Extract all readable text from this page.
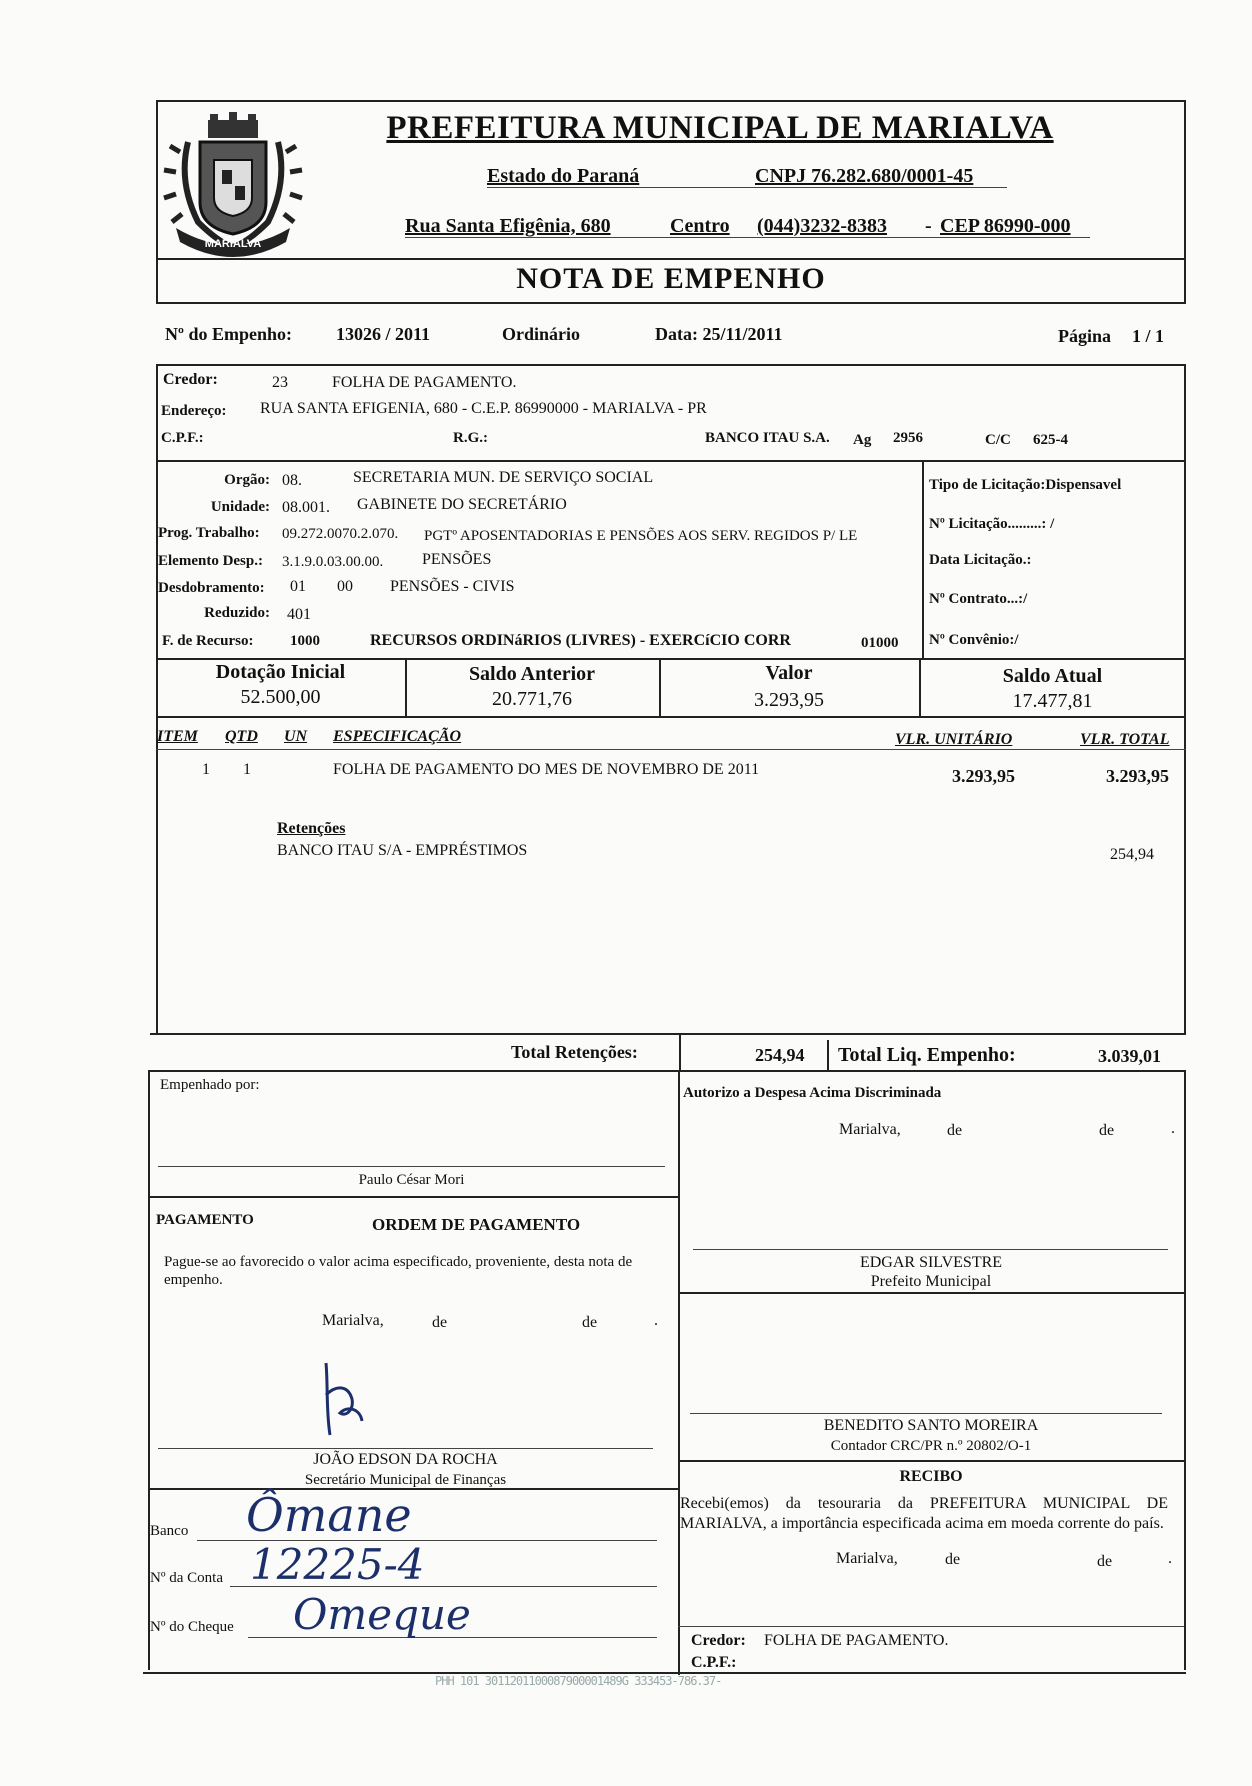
MARIALVA
PREFEITURA MUNICIPAL DE MARIALVA
Estado do Paraná	CNPJ 76.282.680/0001-45
Rua Santa Efigênia, 680	Centro (044)3232-8383 - CEP 86990-000
NOTA DE EMPENHO
Nº do Empenho: 13026 / 2011	Ordinário	Data: 25/11/2011	Página 1 / 1
Credor:	23	FOLHA DE PAGAMENTO.
Endereço: RUA SANTA EFIGENIA, 680 - C.E.P. 86990000 - MARIALVA - PR
C.P.F.:	R.G.:	BANCO ITAU S.A. Ag 2956	C/C 625-4
Orgão: 08.	SECRETARIA MUN. DE SERVIÇO SOCIAL
Unidade: 08.001. GABINETE DO SECRETÁRIO
Prog. Trabalho: 09.272.0070.2.070. PGTº APOSENTADORIAS E PENSÕES AOS SERV. REGIDOS P/ LE
Elemento Desp.: 3.1.9.0.03.00.00. PENSÕES
Desdobramento: 01 00 PENSÕES - CIVIS
Reduzido: 401
F. de Recurso: 1000	RECURSOS ORDINáRIOS (LIVRES) - EXERCíCIO CORR	01000
Tipo de Licitação:Dispensavel
Nº Licitação.........: /
Data Licitação.:
Nº Contrato...:/
Nº Convênio:/
Dotação Inicial
52.500,00
Saldo Anterior
20.771,76
Valor
3.293,95
Saldo Atual
17.477,81
ITEM QTD UN ESPECIFICAÇÃO	VLR. UNITÁRIO	VLR. TOTAL
1 1	FOLHA DE PAGAMENTO DO MES DE NOVEMBRO DE 2011	3.293,95	3.293,95
Retenções
BANCO ITAU S/A - EMPRÉSTIMOS	254,94
Total Retenções:	254,94 Total Liq. Empenho:	3.039,01
Empenhado por:
Paulo César Mori
Autorizo a Despesa Acima Discriminada
Marialva,	de	de	.
PAGAMENTO	ORDEM DE PAGAMENTO
Pague-se ao favorecido o valor acima especificado, proveniente, desta nota de empenho.
Marialva,	de	de	.
JOÃO EDSON DA ROCHA
Secretário Municipal de Finanças
EDGAR SILVESTRE
Prefeito Municipal
BENEDITO SANTO MOREIRA
Contador CRC/PR n.º 20802/O-1
RECIBO
Recebi(emos) da tesouraria da PREFEITURA MUNICIPAL DE MARIALVA, a importância especificada acima em moeda corrente do país.
Marialva,	de	de	.
Banco Ômane
Nº da Conta 12225-4
Nº do Cheque Omeque
Credor: FOLHA DE PAGAMENTO.
C.P.F.:
PHH 101 3011201100087900001489G 333453-786.37-
